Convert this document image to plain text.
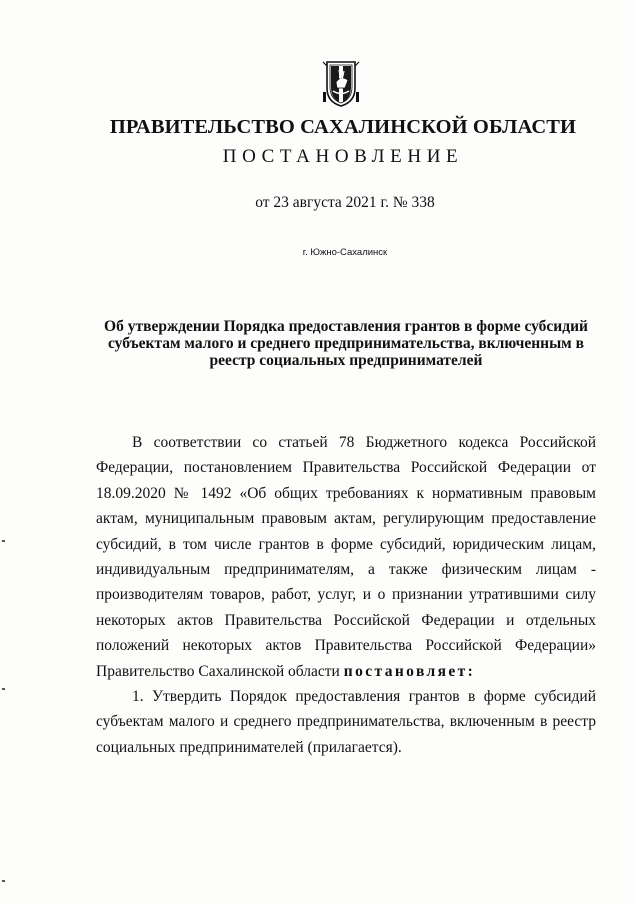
ПРАВИТЕЛЬСТВО САХАЛИНСКОЙ ОБЛАСТИ
ПОСТАНОВЛЕНИЕ
от 23 августа 2021 г. № 338
г. Южно-Сахалинск
Об утверждении Порядка предоставления грантов в форме субсидий субъектам малого и среднего предпринимательства, включенным в реестр социальных предпринимателей
В соответствии со статьей 78 Бюджетного кодекса Российской Федерации, постановлением Правительства Российской Федерации от 18.09.2020 № 1492 «Об общих требованиях к нормативным правовым актам, муниципальным правовым актам, регулирующим предоставление субсидий, в том числе грантов в форме субсидий, юридическим лицам, индивидуальным предпринимателям, а также физическим лицам - производителям товаров, работ, услуг, и о признании утратившими силу некоторых актов Правительства Российской Федерации и отдельных положений некоторых актов Правительства Российской Федерации» Правительство Сахалинской области постановляет:
1. Утвердить Порядок предоставления грантов в форме субсидий субъектам малого и среднего предпринимательства, включенным в реестр социальных предпринимателей (прилагается).
